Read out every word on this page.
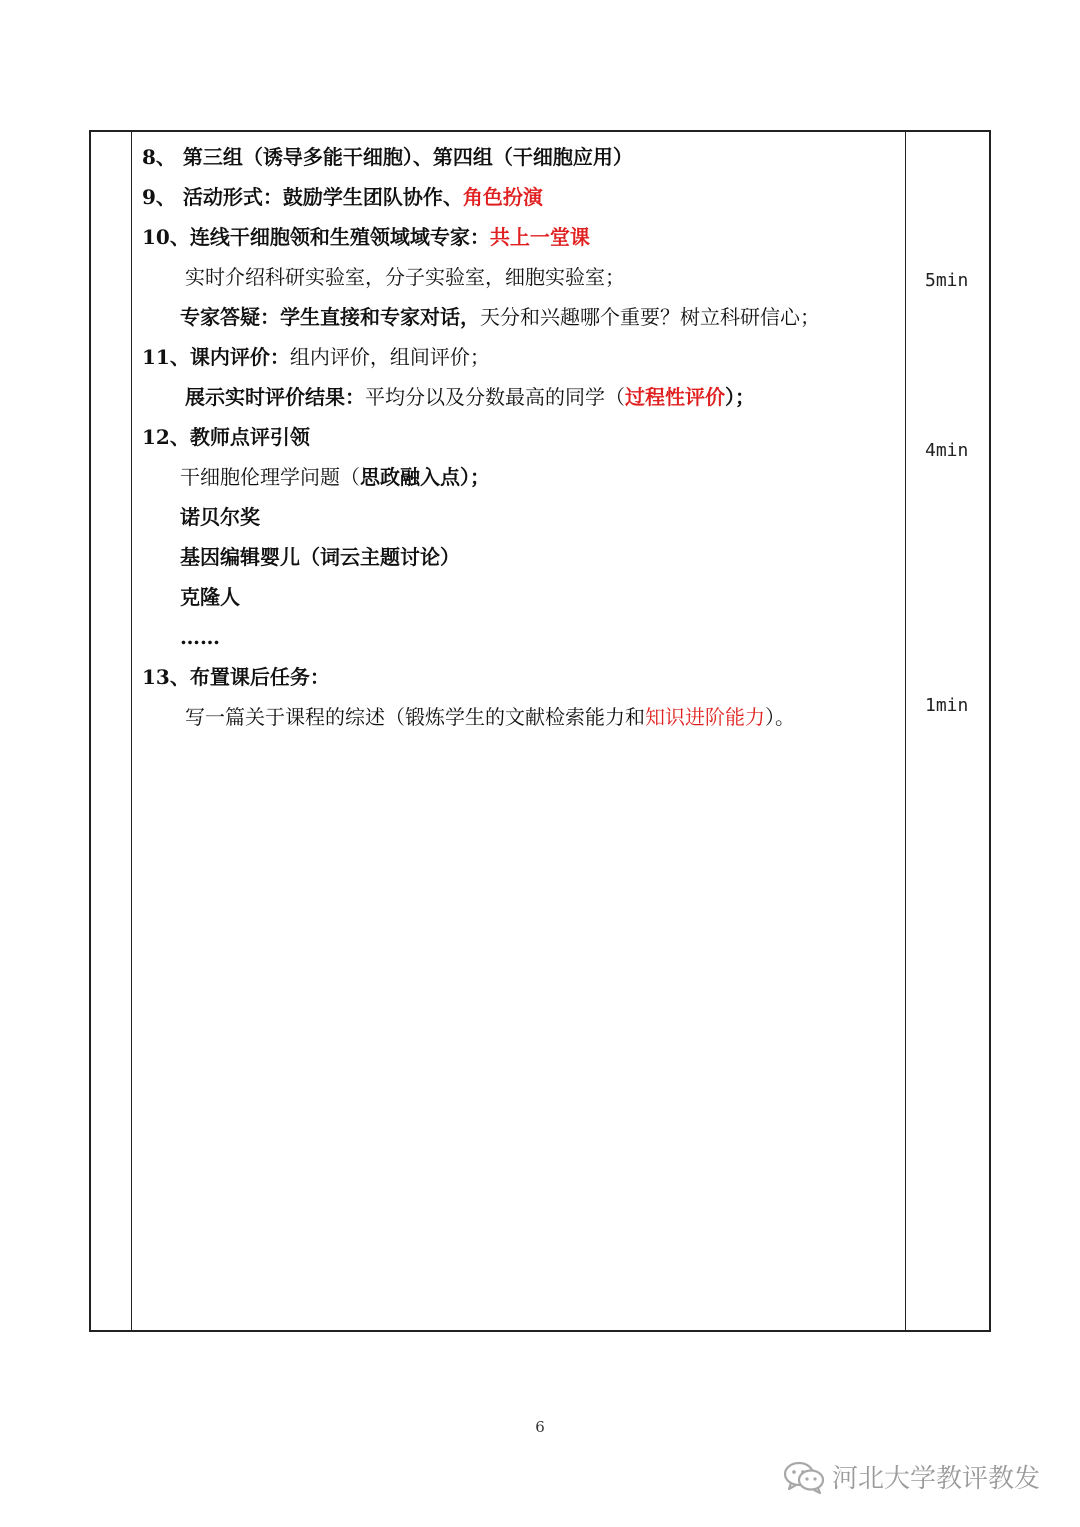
8、 第三组（诱导多能干细胞）、第四组（干细胞应用）
9、 活动形式：鼓励学生团队协作、角色扮演
10、连线干细胞领和生殖领域域专家：共上一堂课
实时介绍科研实验室，分子实验室，细胞实验室；
专家答疑：学生直接和专家对话，天分和兴趣哪个重要？树立科研信心；
11、课内评价：组内评价，组间评价；
展示实时评价结果：平均分以及分数最高的同学（过程性评价）；
12、教师点评引领
干细胞伦理学问题（思政融入点）；
诺贝尔奖
基因编辑婴儿（词云主题讨论）
克隆人
……
13、布置课后任务：
写一篇关于课程的综述（锻炼学生的文献检索能力和知识进阶能力）。
5min
4min
1min
6
河北大学教评教发
